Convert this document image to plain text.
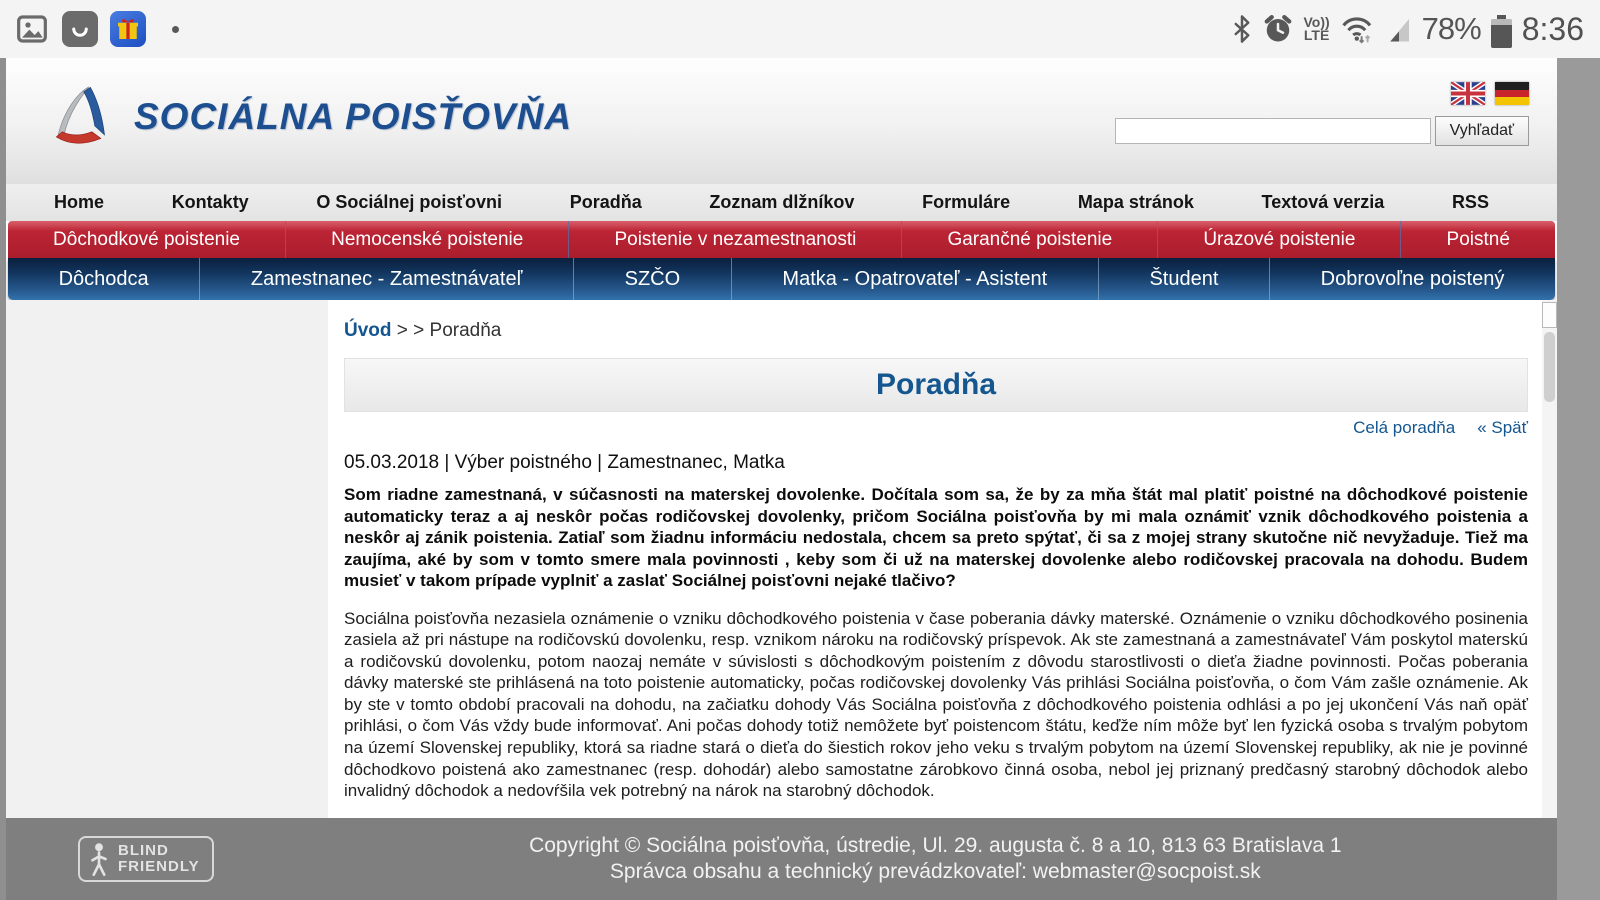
Vo))
LTE	78% 8:36
SOCIÁLNA POISŤOVŇA	Vyhľadať
Home	Kontakty	O Sociálnej poisťovni	Poradňa	Zoznam dlžníkov	Formuláre	Mapa stránok	Textová verzia	RSS
Dôchodkové poistenie	Nemocenské poistenie	Poistenie v nezamestnanosti	Garančné poistenie	Úrazové poistenie	Poistné
Dôchodca	Zamestnanec - Zamestnávateľ	SZČO	Matka - Opatrovateľ - Asistent	Študent	Dobrovoľne poistený
Úvod > > Poradňa
Poradňa
Celá poradňa « Späť
05.03.2018 | Výber poistného | Zamestnanec, Matka
Som riadne zamestnaná, v súčasnosti na materskej dovolenke. Dočítala som sa, že by za mňa štát mal platiť poistné na dôchodkové poistenie automaticky teraz a aj neskôr počas rodičovskej dovolenky, pričom Sociálna poisťovňa by mi mala oznámiť vznik dôchodkového poistenia a neskôr aj zánik poistenia. Zatiaľ som žiadnu informáciu nedostala, chcem sa preto spýtať, či sa z mojej strany skutočne nič nevyžaduje. Tiež ma zaujíma, aké by som v tomto smere mala povinnosti , keby som či už na materskej dovolenke alebo rodičovskej pracovala na dohodu. Budem musieť v takom prípade vyplniť a zaslať Sociálnej poisťovni nejaké tlačivo?
Sociálna poisťovňa nezasiela oznámenie o vzniku dôchodkového poistenia v čase poberania dávky materské. Oznámenie o vzniku dôchodkového posinenia zasiela až pri nástupe na rodičovskú dovolenku, resp. vznikom nároku na rodičovský príspevok. Ak ste zamestnaná a zamestnávateľ Vám poskytol materskú a rodičovskú dovolenku, potom naozaj nemáte v súvislosti s dôchodkovým poistením z dôvodu starostlivosti o dieťa žiadne povinnosti. Počas poberania dávky materské ste prihlásená na toto poistenie automaticky, počas rodičovskej dovolenky Vás prihlási Sociálna poisťovňa, o čom Vám zašle oznámenie. Ak by ste v tomto období pracovali na dohodu, na začiatku dohody Vás Sociálna poisťovňa z dôchodkového poistenia odhlási a po jej ukončení Vás naň opäť prihlási, o čom Vás vždy bude informovať. Ani počas dohody totiž nemôžete byť poistencom štátu, keďže ním môže byť len fyzická osoba s trvalým pobytom na území Slovenskej republiky, ktorá sa riadne stará o dieťa do šiestich rokov jeho veku s trvalým pobytom na území Slovenskej republiky, ak nie je povinné dôchodkovo poistená ako zamestnanec (resp. dohodár) alebo samostatne zárobkovo činná osoba, nebol jej priznaný predčasný starobný dôchodok alebo invalidný dôchodok a nedovŕšila vek potrebný na nárok na starobný dôchodok.
BLIND
FRIENDLY
Copyright © Sociálna poisťovňa, ústredie, Ul. 29. augusta č. 8 a 10, 813 63 Bratislava 1
Správca obsahu a technický prevádzkovateľ: webmaster@socpoist.sk
